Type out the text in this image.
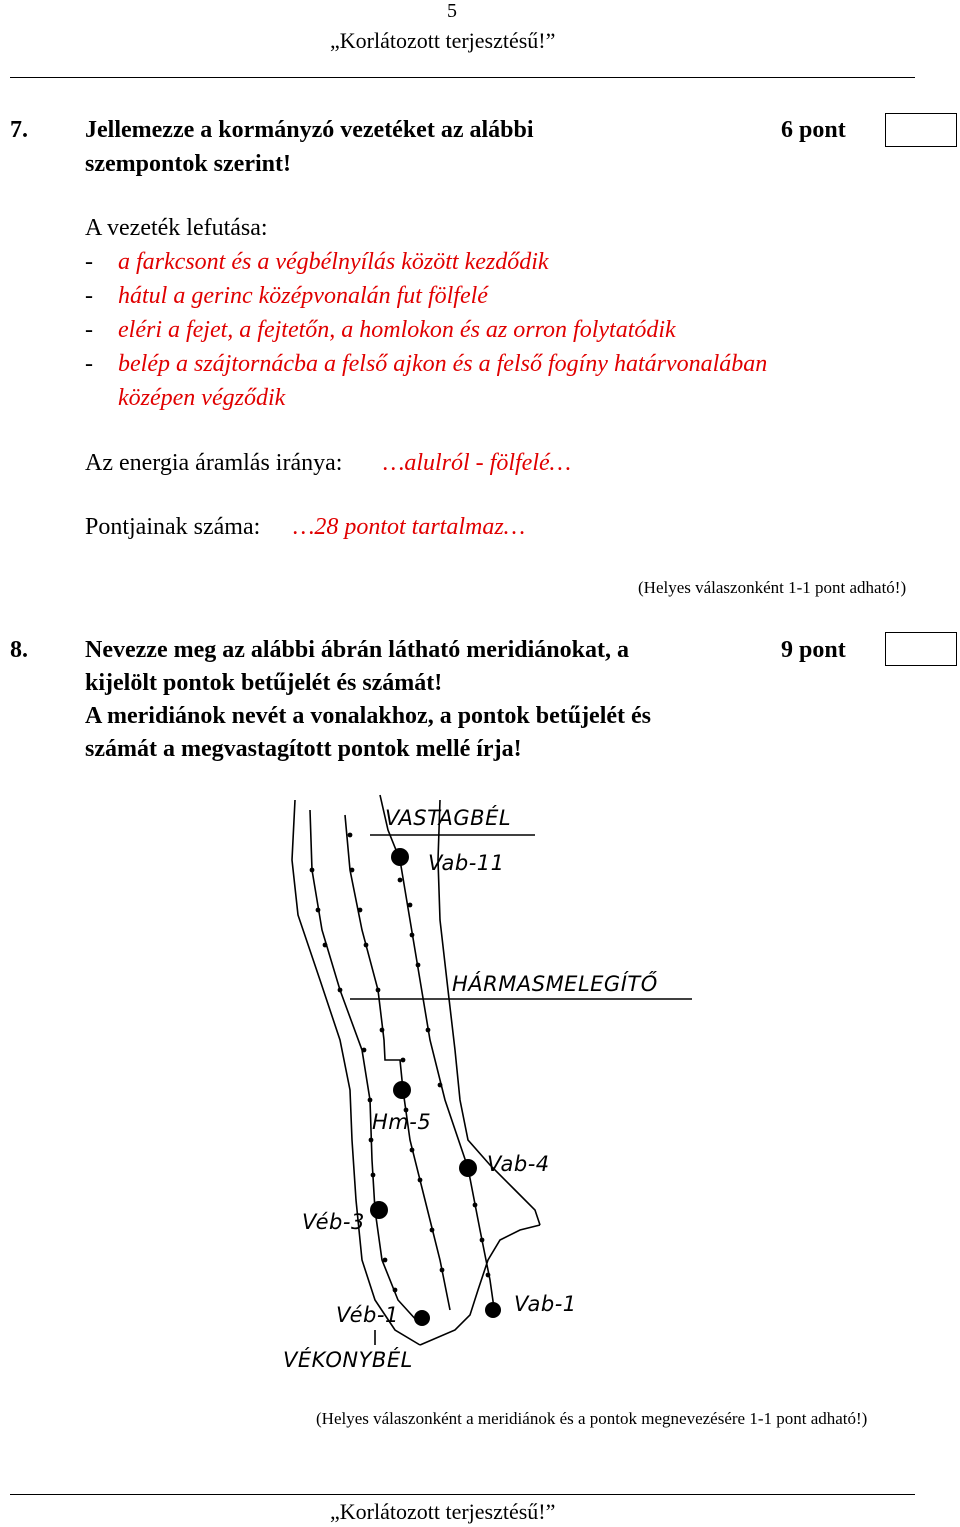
5
„Korlátozott terjesztésű!”
7. Jellemezze a kormányzó vezetéket az alábbi
szempontok szerint!
6 pont
A vezeték lefutása:
- a farkcsont és a végbélnyílás között kezdődik
- hátul a gerinc középvonalán fut fölfelé
- eléri a fejet, a fejtetőn, a homlokon és az orron folytatódik
- belép a szájtornácba a felső ajkon és a felső fogíny határvonalában
középen végződik
Az energia áramlás iránya: …alulról - fölfelé…
Pontjainak száma: …28 pontot tartalmaz…
(Helyes válaszonként 1-1 pont adható!)
8. Nevezze meg az alábbi ábrán látható meridiánokat, a
kijelölt pontok betűjelét és számát!
A meridiánok nevét a vonalakhoz, a pontok betűjelét és
számát a megvastagított pontok mellé írja!
9 pont
VASTAGBÉL
Vab-11
HÁRMASMELEGÍTŐ
Hm-5
Vab-4
Véb-3
Véb-1	Vab-1
VÉKONYBÉL
(Helyes válaszonként a meridiánok és a pontok megnevezésére 1-1 pont adható!)
„Korlátozott terjesztésű!”
